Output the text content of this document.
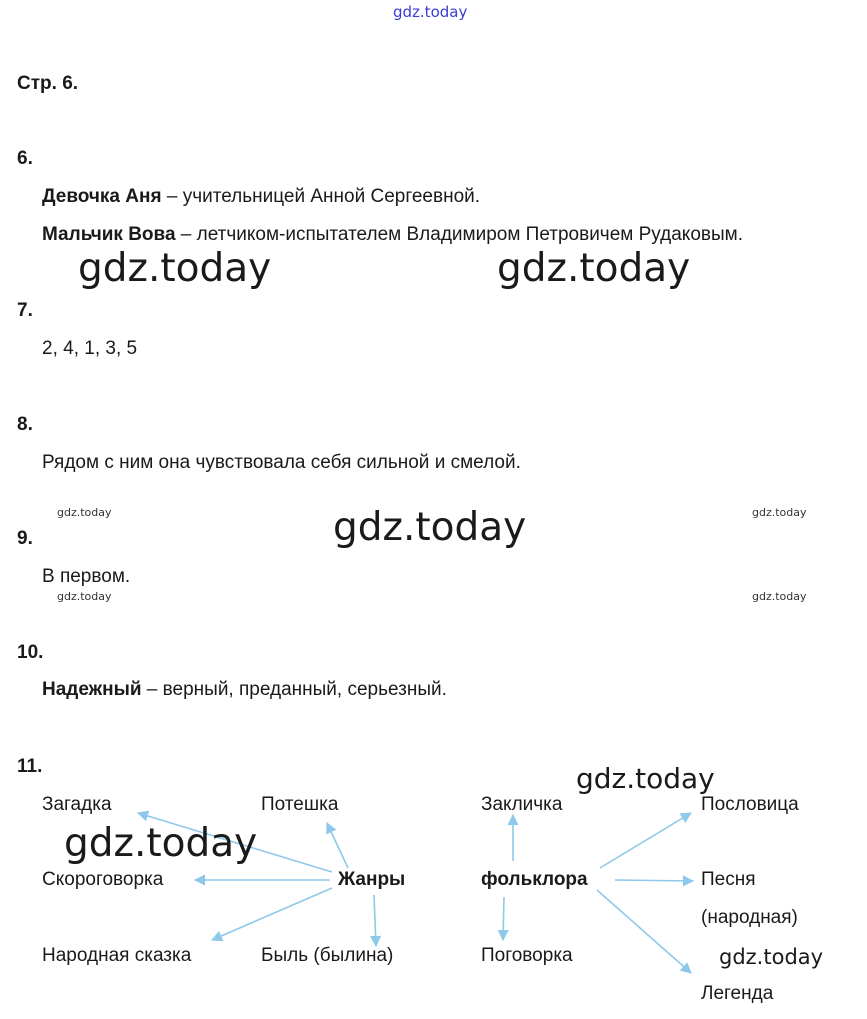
gdz.today
Стр. 6.
6.
Девочка Аня – учительницей Анной Сергеевной.
Мальчик Вова – летчиком-испытателем Владимиром Петровичем Рудаковым.
7.
2, 4, 1, 3, 5
8.
Рядом с ним она чувствовала себя сильной и смелой.
9.
В первом.
10.
Надежный – верный, преданный, серьезный.
11.
Загадка	Потешка
Скороговорка	Жанры
Народная сказка	Быль (былина)
Закличка	Пословица
фольклора	Песня
(народная)
Поговорка
Легенда
gdz.today	gdz.today
gdz.today
gdz.today	gdz.today
gdz.today	gdz.today
gdz.today
gdz.today
gdz.today
